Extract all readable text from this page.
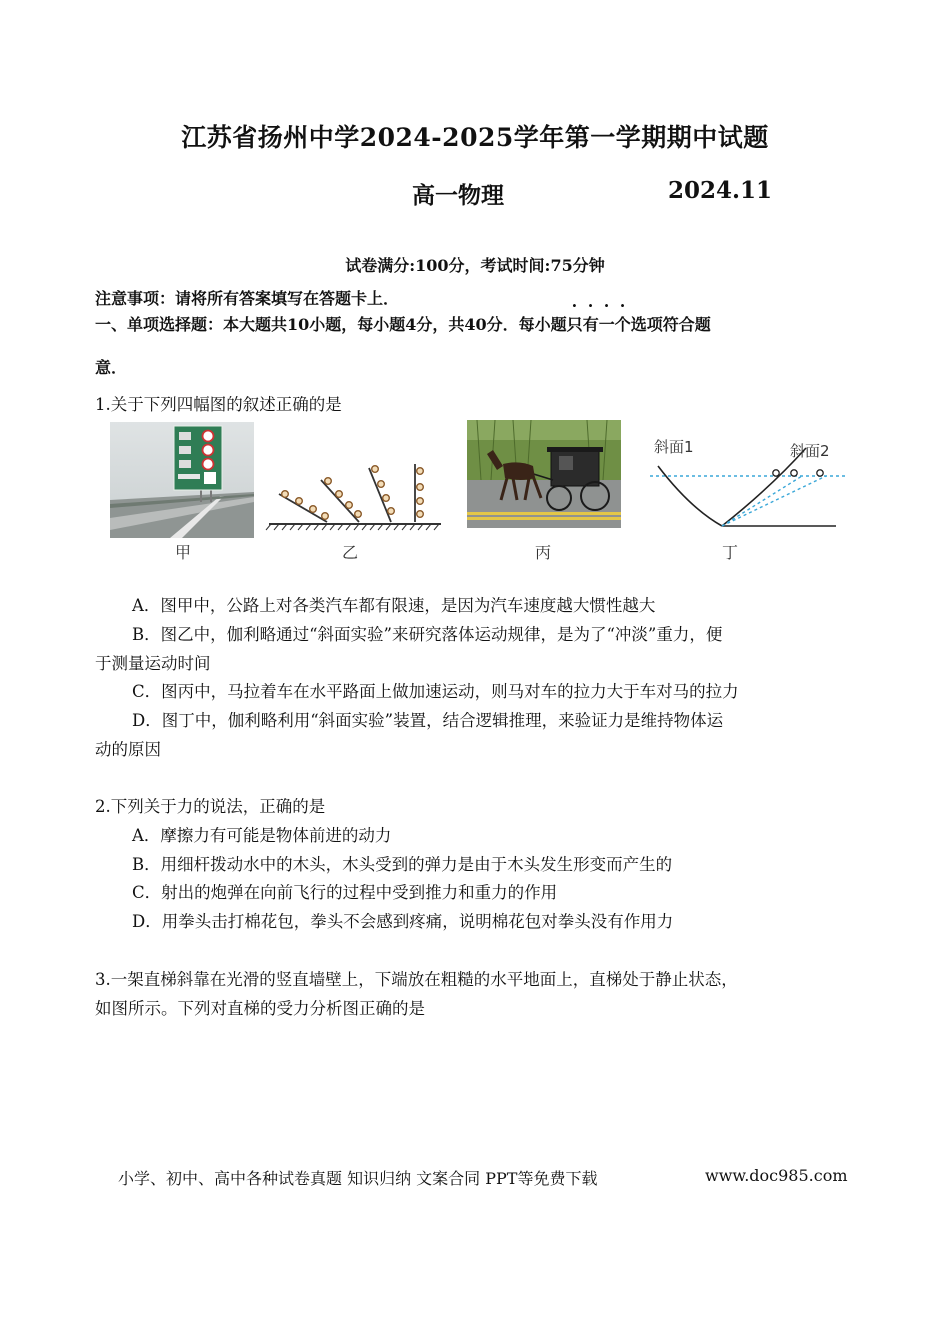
江苏省扬州中学2024-2025学年第一学期期中试题
高一物理	2024.11
试卷满分:100分，考试时间:75分钟
注意事项：请将所有答案填写在答题卡上．
一、单项选择题：本大题共10小题，每小题4分，共40分．每小题只有一个选项符合题
意．
1.关于下列四幅图的叙述正确的是
甲	乙	丙
斜面1	斜面2
丁
A．图甲中，公路上对各类汽车都有限速，是因为汽车速度越大惯性越大
B．图乙中，伽利略通过“斜面实验”来研究落体运动规律，是为了“冲淡”重力，便
于测量运动时间
C．图丙中，马拉着车在水平路面上做加速运动，则马对车的拉力大于车对马的拉力
D．图丁中，伽利略利用“斜面实验”装置，结合逻辑推理，来验证力是维持物体运
动的原因
2.下列关于力的说法，正确的是
A．摩擦力有可能是物体前进的动力
B．用细杆拨动水中的木头，木头受到的弹力是由于木头发生形变而产生的
C．射出的炮弹在向前飞行的过程中受到推力和重力的作用
D．用拳头击打棉花包，拳头不会感到疼痛，说明棉花包对拳头没有作用力
3.一架直梯斜靠在光滑的竖直墙壁上，下端放在粗糙的水平地面上，直梯处于静止状态，
如图所示。下列对直梯的受力分析图正确的是
小学、初中、高中各种试卷真题 知识归纳 文案合同 PPT等免费下载	www.doc985.com
